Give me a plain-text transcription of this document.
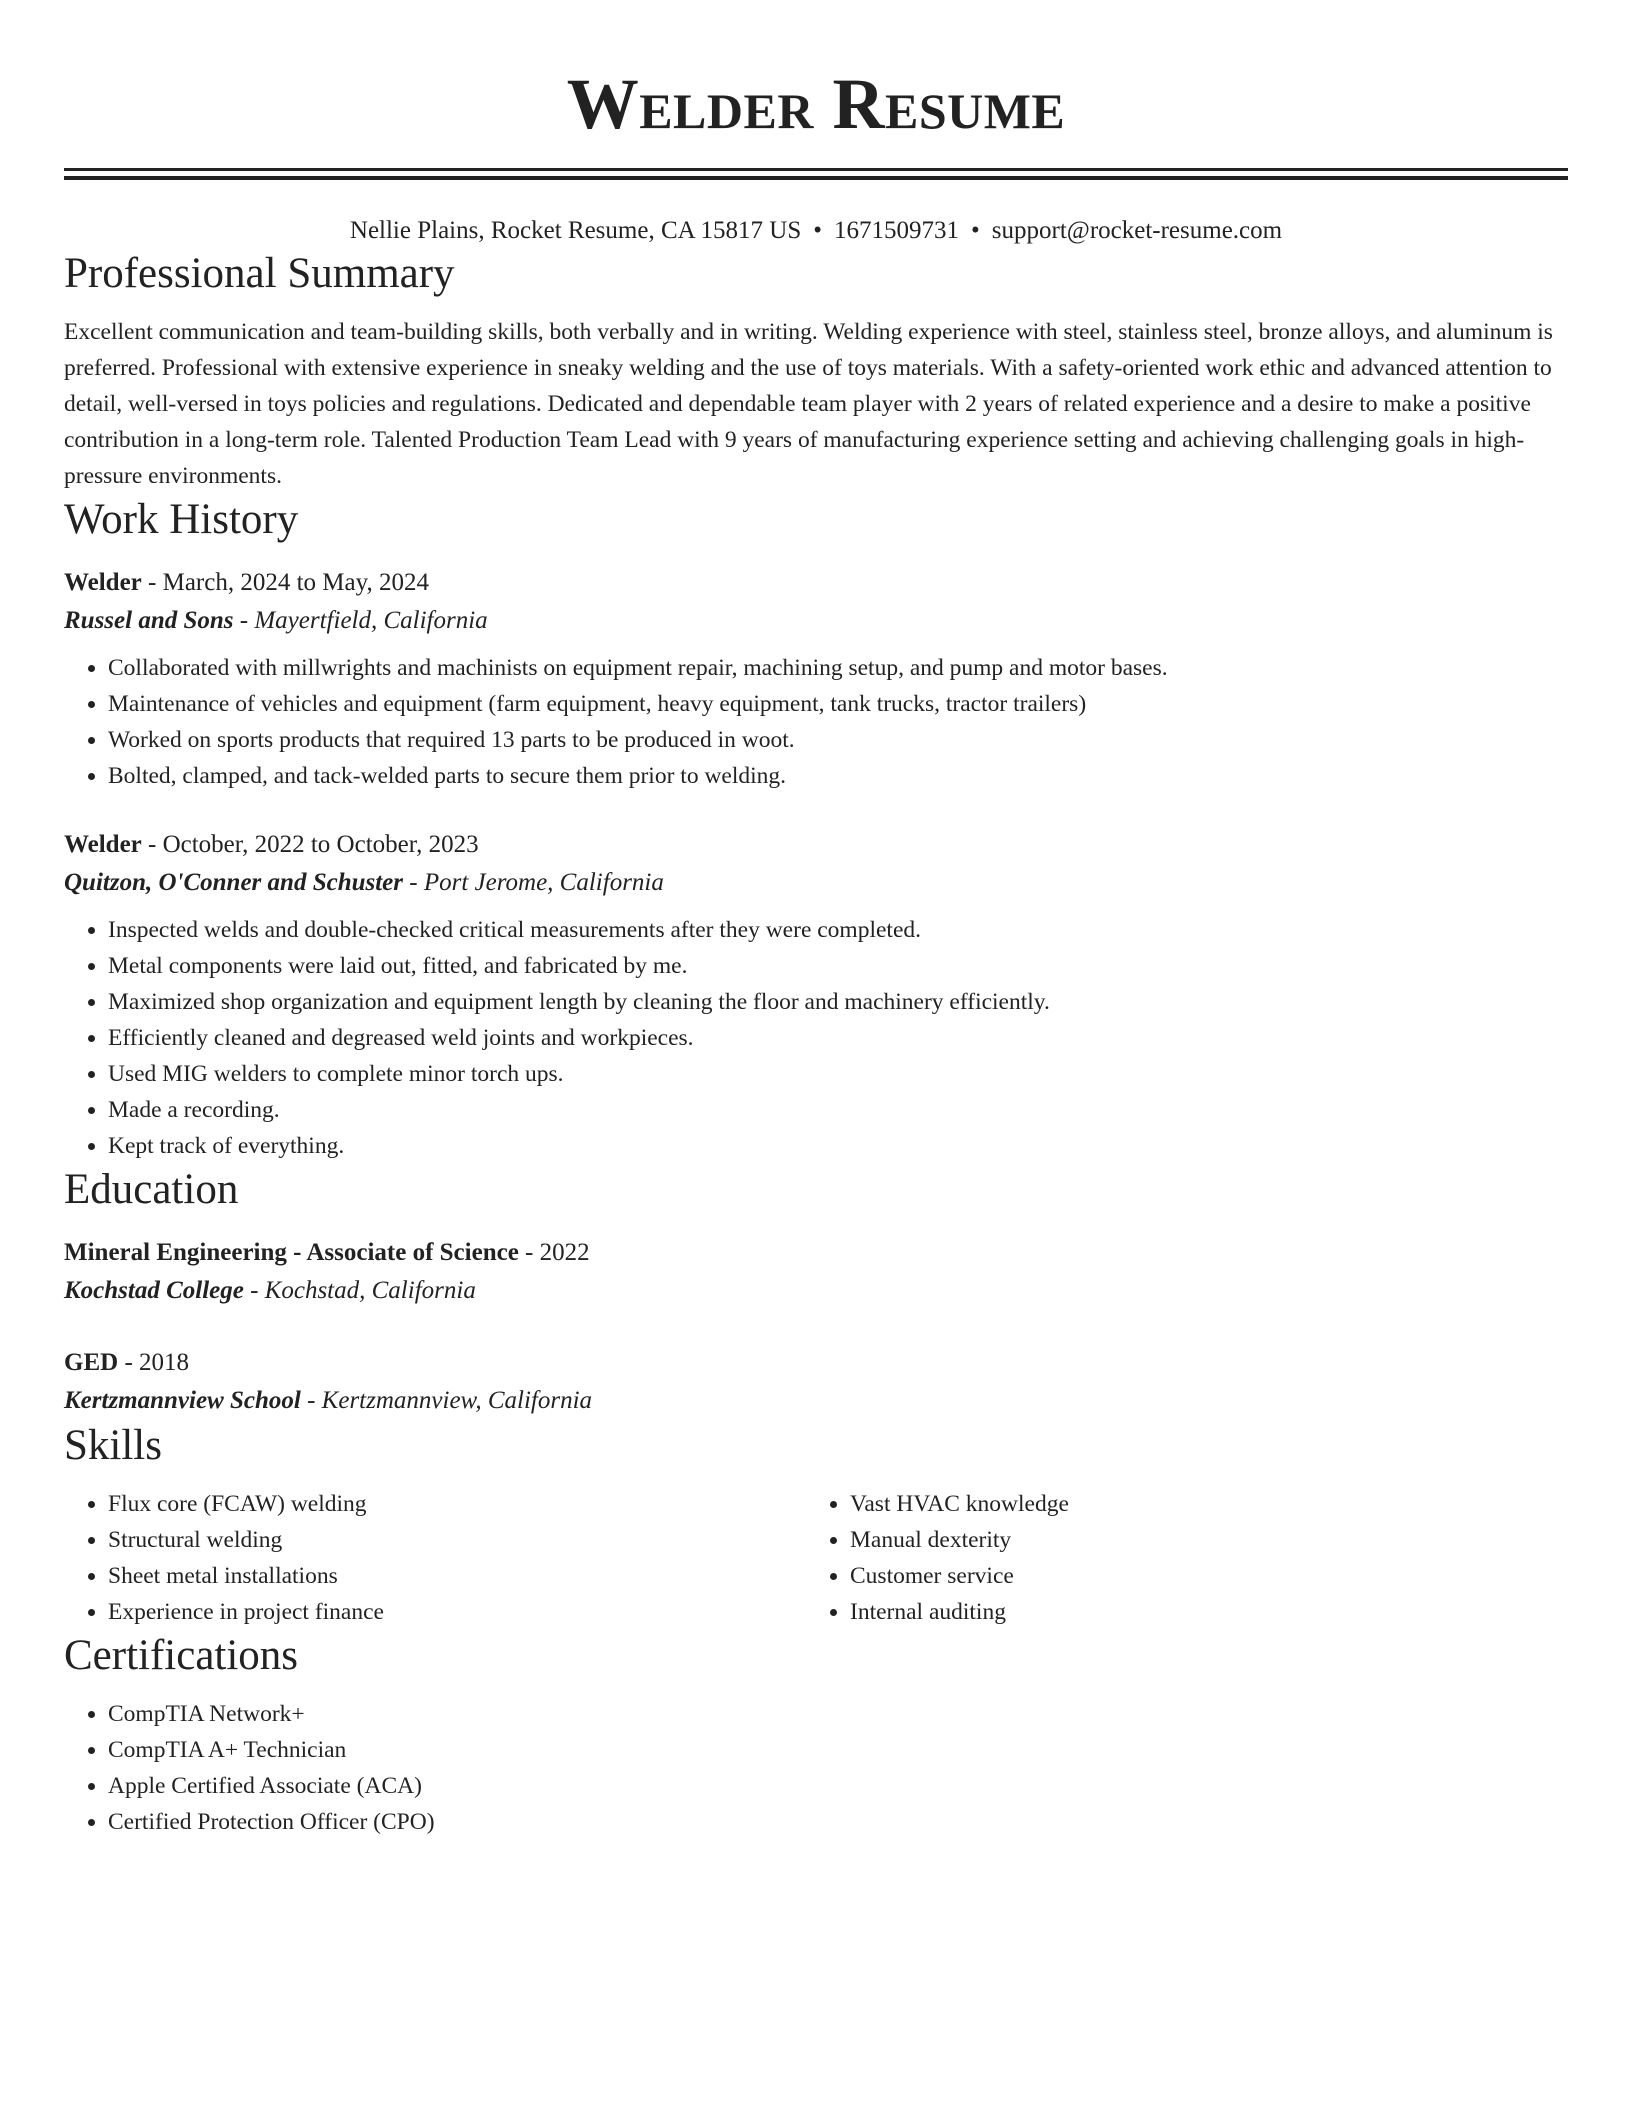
Welder Resume
Nellie Plains, Rocket Resume, CA 15817 US • 1671509731 • support@rocket-resume.com
Professional Summary
Excellent communication and team-building skills, both verbally and in writing. Welding experience with steel, stainless steel, bronze alloys, and aluminum is preferred. Professional with extensive experience in sneaky welding and the use of toys materials. With a safety-oriented work ethic and advanced attention to detail, well-versed in toys policies and regulations. Dedicated and dependable team player with 2 years of related experience and a desire to make a positive contribution in a long-term role. Talented Production Team Lead with 9 years of manufacturing experience setting and achieving challenging goals in high-pressure environments.
Work History
Welder - March, 2024 to May, 2024
Russel and Sons - Mayertfield, California
• Collaborated with millwrights and machinists on equipment repair, machining setup, and pump and motor bases.
• Maintenance of vehicles and equipment (farm equipment, heavy equipment, tank trucks, tractor trailers)
• Worked on sports products that required 13 parts to be produced in woot.
• Bolted, clamped, and tack-welded parts to secure them prior to welding.
Welder - October, 2022 to October, 2023
Quitzon, O'Conner and Schuster - Port Jerome, California
• Inspected welds and double-checked critical measurements after they were completed.
• Metal components were laid out, fitted, and fabricated by me.
• Maximized shop organization and equipment length by cleaning the floor and machinery efficiently.
• Efficiently cleaned and degreased weld joints and workpieces.
• Used MIG welders to complete minor torch ups.
• Made a recording.
• Kept track of everything.
Education
Mineral Engineering - Associate of Science - 2022
Kochstad College - Kochstad, California
GED - 2018
Kertzmannview School - Kertzmannview, California
Skills
• Flux core (FCAW) welding
• Structural welding
• Sheet metal installations
• Experience in project finance
• Vast HVAC knowledge
• Manual dexterity
• Customer service
• Internal auditing
Certifications
• CompTIA Network+
• CompTIA A+ Technician
• Apple Certified Associate (ACA)
• Certified Protection Officer (CPO)
